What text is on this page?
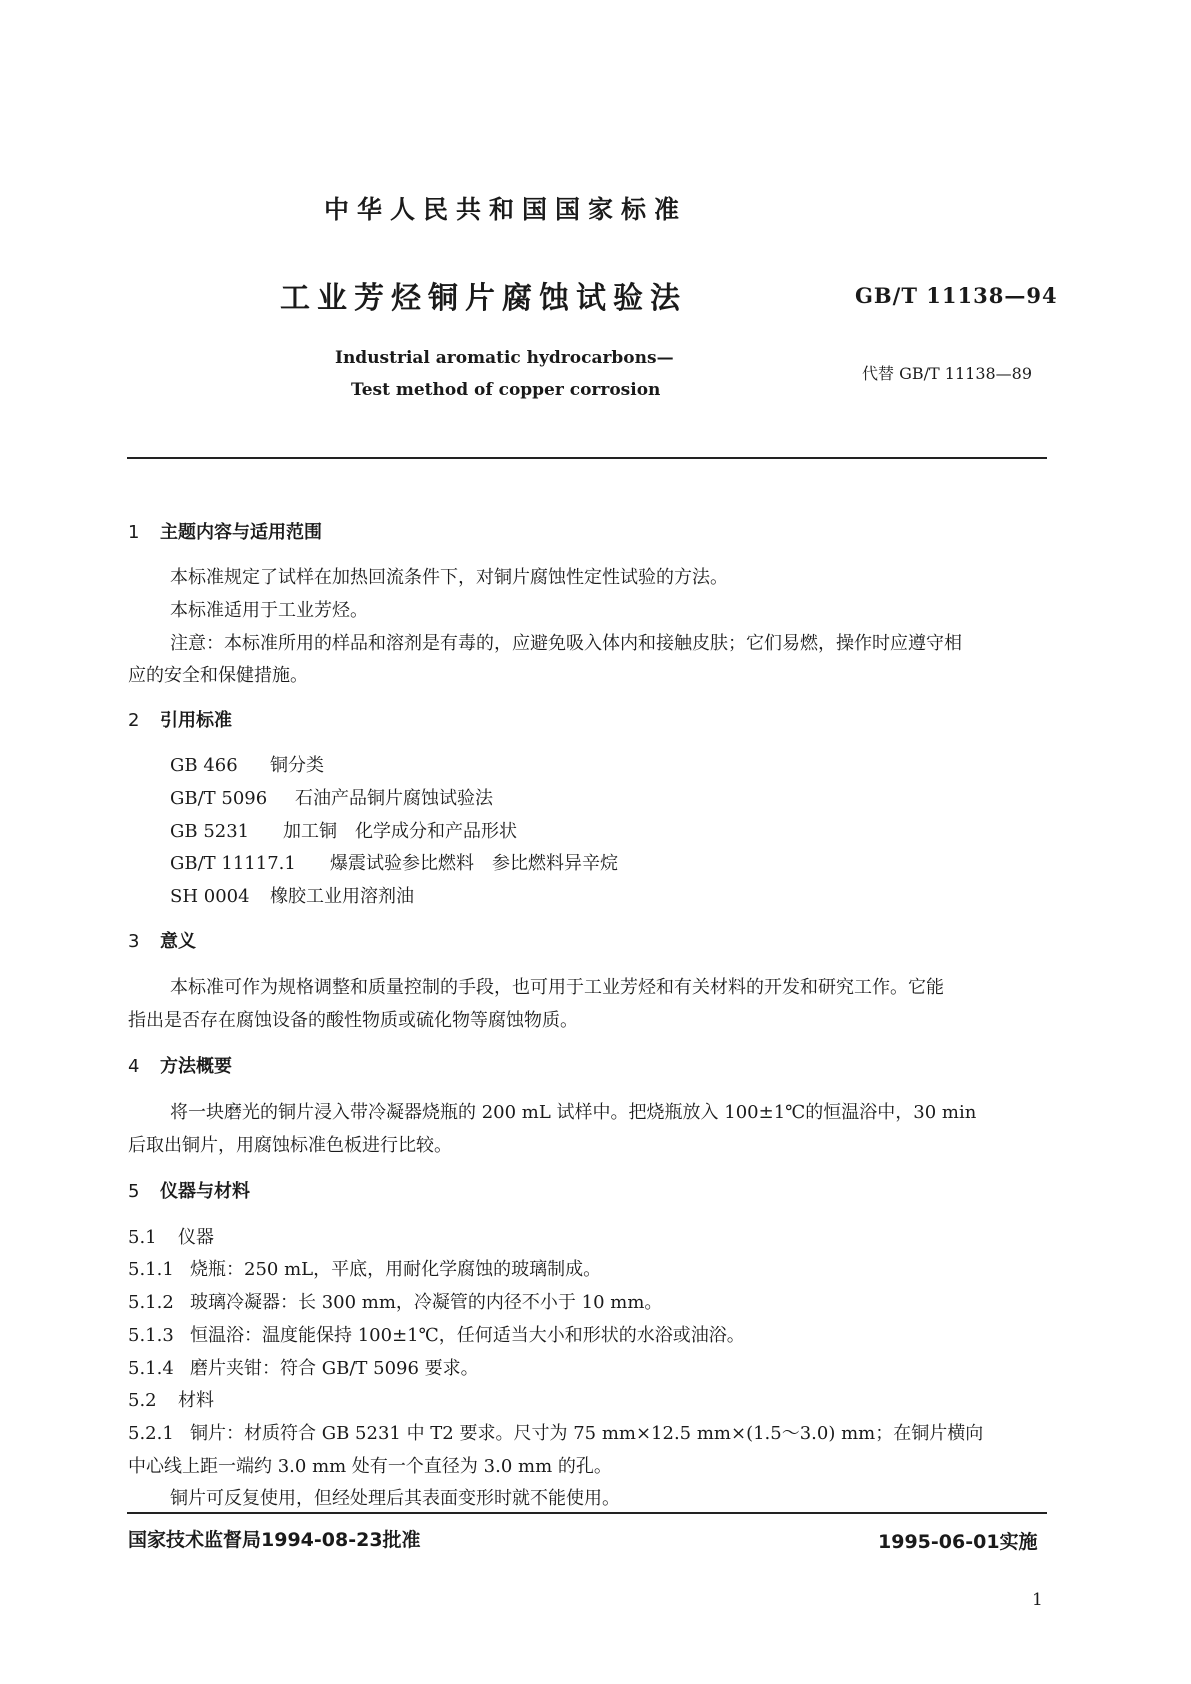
中华人民共和国国家标准
工业芳烃铜片腐蚀试验法	GB/T 11138—94
Industrial aromatic hydrocarbons—
Test method of copper corrosion
代替 GB/T 11138—89
1 主题内容与适用范围
本标准规定了试样在加热回流条件下，对铜片腐蚀性定性试验的方法。
本标准适用于工业芳烃。
注意：本标准所用的样品和溶剂是有毒的，应避免吸入体内和接触皮肤；它们易燃，操作时应遵守相
应的安全和保健措施。
2 引用标准
GB 466 铜分类
GB/T 5096 石油产品铜片腐蚀试验法
GB 5231 加工铜　化学成分和产品形状
GB/T 11117.1 爆震试验参比燃料　参比燃料异辛烷
SH 0004 橡胶工业用溶剂油
3 意义
本标准可作为规格调整和质量控制的手段，也可用于工业芳烃和有关材料的开发和研究工作。它能
指出是否存在腐蚀设备的酸性物质或硫化物等腐蚀物质。
4 方法概要
将一块磨光的铜片浸入带冷凝器烧瓶的 200 mL 试样中。把烧瓶放入 100±1℃的恒温浴中，30 min
后取出铜片，用腐蚀标准色板进行比较。
5 仪器与材料
5.1 仪器
5.1.1 烧瓶：250 mL，平底，用耐化学腐蚀的玻璃制成。
5.1.2 玻璃冷凝器：长 300 mm，冷凝管的内径不小于 10 mm。
5.1.3 恒温浴：温度能保持 100±1℃，任何适当大小和形状的水浴或油浴。
5.1.4 磨片夹钳：符合 GB/T 5096 要求。
5.2 材料
5.2.1 铜片：材质符合 GB 5231 中 T2 要求。尺寸为 75 mm×12.5 mm×(1.5～3.0) mm；在铜片横向
中心线上距一端约 3.0 mm 处有一个直径为 3.0 mm 的孔。
铜片可反复使用，但经处理后其表面变形时就不能使用。
国家技术监督局1994-08-23批准	1995-06-01实施
1
